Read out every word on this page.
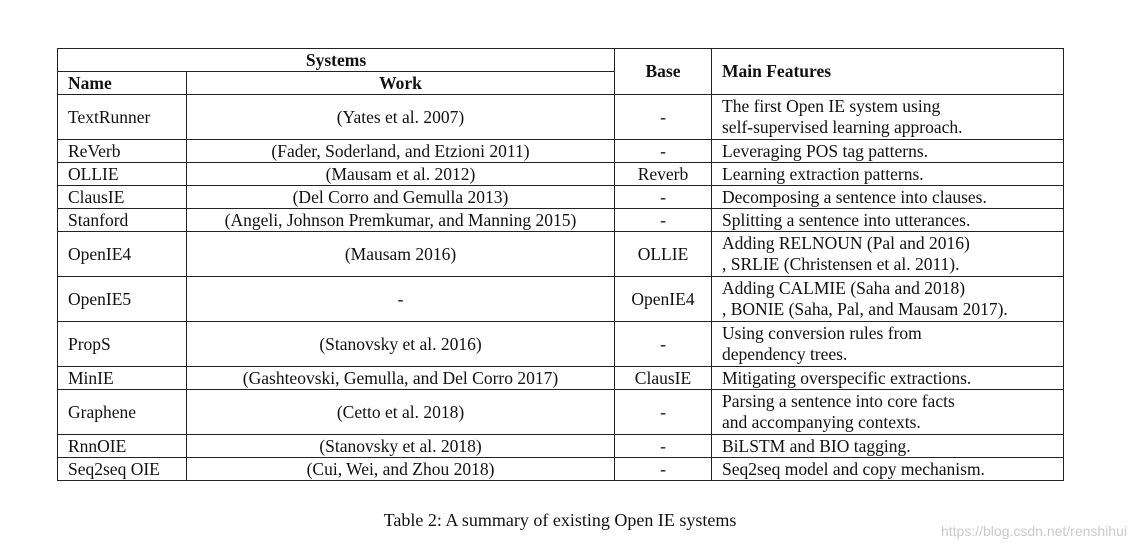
Systems		Base	Main Features
Name	Work		
TextRunner	(Yates et al. 2007)	-	The first Open IE system using
self-supervised learning approach.

ReVerb	(Fader, Soderland, and Etzioni 2011)	-	Leveraging POS tag patterns.

OLLIE	(Mausam et al. 2012)	Reverb	Learning extraction patterns.

ClausIE	(Del Corro and Gemulla 2013)	-	Decomposing a sentence into clauses.

Stanford	(Angeli, Johnson Premkumar, and Manning 2015)	-	Splitting a sentence into utterances.

OpenIE4	(Mausam 2016)	OLLIE	Adding RELNOUN (Pal and 2016)
, SRLIE (Christensen et al. 2011).

OpenIE5	-	OpenIE4	Adding CALMIE (Saha and 2018)
, BONIE (Saha, Pal, and Mausam 2017).

PropS	(Stanovsky et al. 2016)	-	Using conversion rules from
dependency trees.

MinIE	(Gashteovski, Gemulla, and Del Corro 2017)	ClausIE	Mitigating overspecific extractions.

Graphene	(Cetto et al. 2018)	-	Parsing a sentence into core facts
and accompanying contexts.

RnnOIE	(Stanovsky et al. 2018)	-	BiLSTM and BIO tagging.

Seq2seq OIE	(Cui, Wei, and Zhou 2018)	-	Seq2seq model and copy mechanism.
Table 2: A summary of existing Open IE systems
https://blog.csdn.net/renshihui
